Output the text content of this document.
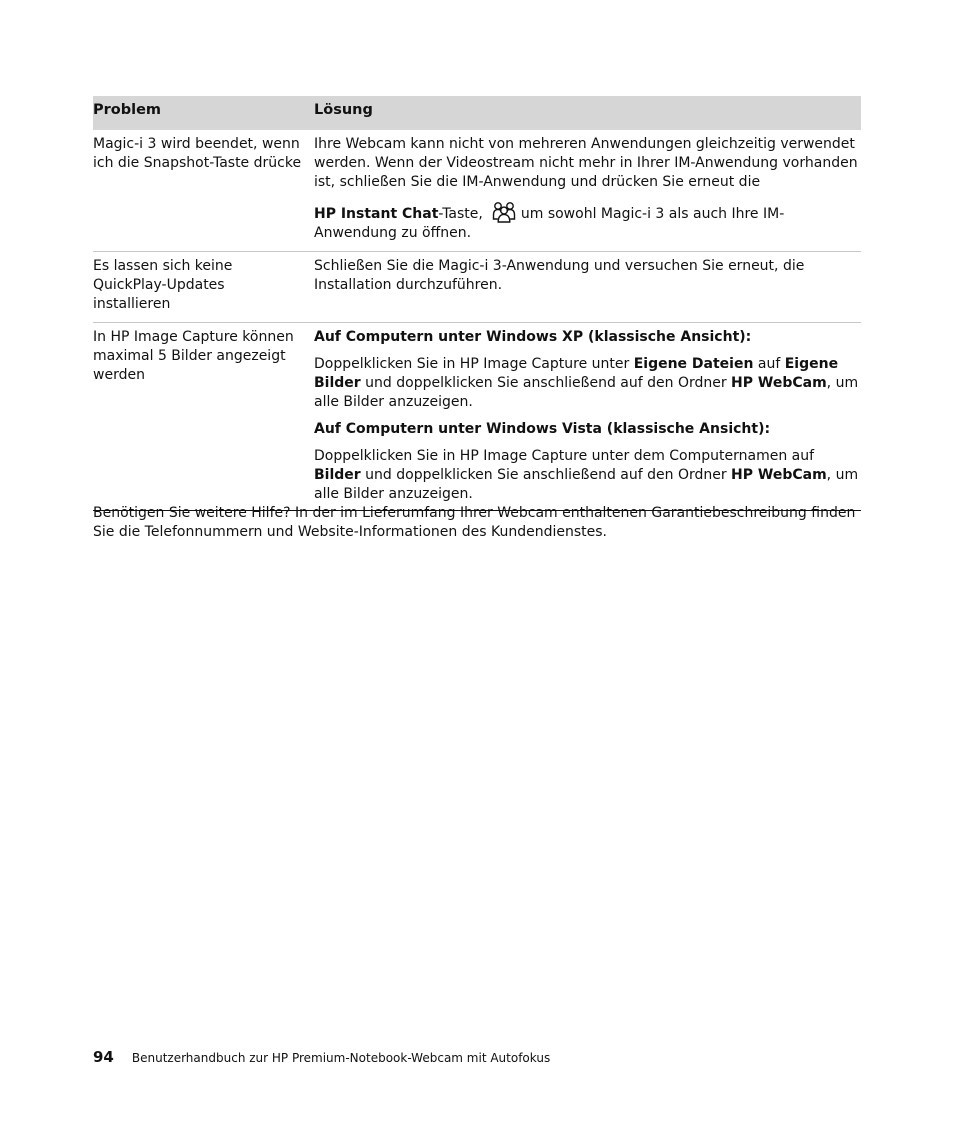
Problem	Lösung

Magic-i 3 wird beendet, wenn ich die Snapshot-Taste drücke	Ihre Webcam kann nicht von mehreren Anwendungen gleichzeitig verwendet werden. Wenn der Videostream nicht mehr in Ihrer IM-Anwendung vorhanden ist, schließen Sie die IM-Anwendung und drücken Sie erneut die

HP Instant Chat-Taste, um sowohl Magic-i 3 als auch Ihre IM-Anwendung zu öffnen.

Es lassen sich keine QuickPlay-Updates installieren	Schließen Sie die Magic-i 3-Anwendung und versuchen Sie erneut, die Installation durchzuführen.

In HP Image Capture können maximal 5 Bilder angezeigt werden	Auf Computern unter Windows XP (klassische Ansicht):

Doppelklicken Sie in HP Image Capture unter Eigene Dateien auf Eigene Bilder und doppelklicken Sie anschließend auf den Ordner HP WebCam, um alle Bilder anzuzeigen.

Auf Computern unter Windows Vista (klassische Ansicht):

Doppelklicken Sie in HP Image Capture unter dem Computernamen auf Bilder und doppelklicken Sie anschließend auf den Ordner HP WebCam, um alle Bilder anzuzeigen.

Benötigen Sie weitere Hilfe? In der im Lieferumfang Ihrer Webcam enthaltenen Garantiebeschreibung finden Sie die Telefonnummern und Website-Informationen des Kundendienstes.

94 Benutzerhandbuch zur HP Premium-Notebook-Webcam mit Autofokus
